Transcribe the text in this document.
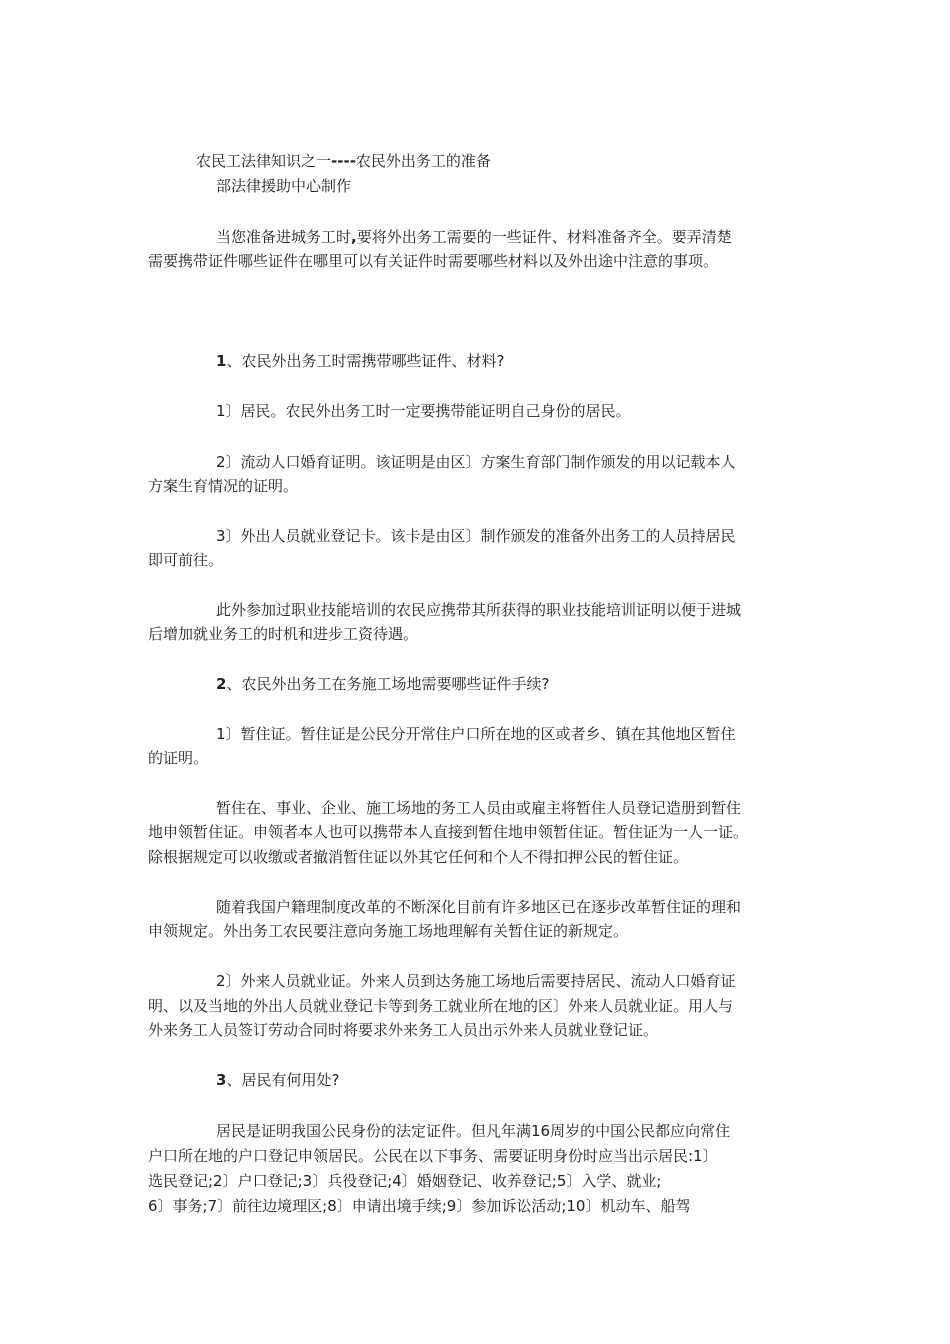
农民工法律知识之一----农民外出务工的准备
部法律援助中心制作
当您准备进城务工时,要将外出务工需要的一些证件、材料准备齐全。要弄清楚
需要携带证件哪些证件在哪里可以有关证件时需要哪些材料以及外出途中注意的事项。
1、农民外出务工时需携带哪些证件、材料?
1〕居民。农民外出务工时一定要携带能证明自己身份的居民。
2〕流动人口婚育证明。该证明是由区〕方案生育部门制作颁发的用以记载本人
方案生育情况的证明。
3〕外出人员就业登记卡。该卡是由区〕制作颁发的准备外出务工的人员持居民
即可前往。
此外参加过职业技能培训的农民应携带其所获得的职业技能培训证明以便于进城
后增加就业务工的时机和进步工资待遇。
2、农民外出务工在务施工场地需要哪些证件手续?
1〕暂住证。暂住证是公民分开常住户口所在地的区或者乡、镇在其他地区暂住
的证明。
暂住在、事业、企业、施工场地的务工人员由或雇主将暂住人员登记造册到暂住
地申领暂住证。申领者本人也可以携带本人直接到暂住地申领暂住证。暂住证为一人一证。
除根据规定可以收缴或者撤消暂住证以外其它任何和个人不得扣押公民的暂住证。
随着我国户籍理制度改革的不断深化目前有许多地区已在逐步改革暂住证的理和
申领规定。外出务工农民要注意向务施工场地理解有关暂住证的新规定。
2〕外来人员就业证。外来人员到达务施工场地后需要持居民、流动人口婚育证
明、以及当地的外出人员就业登记卡等到务工就业所在地的区〕外来人员就业证。用人与
外来务工人员签订劳动合同时将要求外来务工人员出示外来人员就业登记证。
3、居民有何用处?
居民是证明我国公民身份的法定证件。但凡年满16周岁的中国公民都应向常住
户口所在地的户口登记申领居民。公民在以下事务、需要证明身份时应当出示居民:1〕
选民登记;2〕户口登记;3〕兵役登记;4〕婚姻登记、收养登记;5〕入学、就业;
6〕事务;7〕前往边境理区;8〕申请出境手续;9〕参加诉讼活动;10〕机动车、船驾
